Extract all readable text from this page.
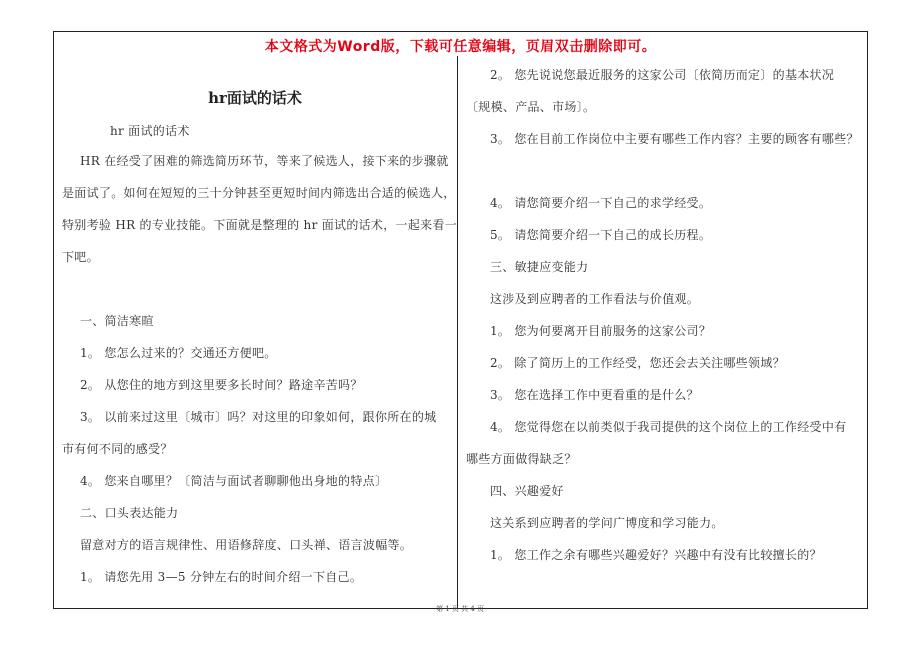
本文格式为Word版，下载可任意编辑，页眉双击删除即可。
hr面试的话术
hr 面试的话术
HR 在经受了困难的筛选简历环节，等来了候选人，接下来的步骤就
是面试了。如何在短短的三十分钟甚至更短时间内筛选出合适的候选人，
特别考验 HR 的专业技能。下面就是整理的 hr 面试的话术，一起来看一
下吧。
一、简洁寒暄
1。 您怎么过来的？交通还方便吧。
2。 从您住的地方到这里要多长时间？路途辛苦吗？
3。 以前来过这里〔城市〕吗？对这里的印象如何，跟你所在的城
市有何不同的感受？
4。 您来自哪里？〔简洁与面试者聊聊他出身地的特点〕
二、口头表达能力
留意对方的语言规律性、用语修辞度、口头禅、语言波幅等。
1。 请您先用 3—5 分钟左右的时间介绍一下自己。
2。 您先说说您最近服务的这家公司〔依简历而定〕的基本状况
〔规模、产品、市场〕。
3。 您在目前工作岗位中主要有哪些工作内容？主要的顾客有哪些？
4。 请您简要介绍一下自己的求学经受。
5。 请您简要介绍一下自己的成长历程。
三、敏捷应变能力
这涉及到应聘者的工作看法与价值观。
1。 您为何要离开目前服务的这家公司？
2。 除了简历上的工作经受，您还会去关注哪些领域？
3。 您在选择工作中更看重的是什么？
4。 您觉得您在以前类似于我司提供的这个岗位上的工作经受中有
哪些方面做得缺乏？
四、兴趣爱好
这关系到应聘者的学问广博度和学习能力。
1。 您工作之余有哪些兴趣爱好？兴趣中有没有比较擅长的？
第 1 页 共 4 页
